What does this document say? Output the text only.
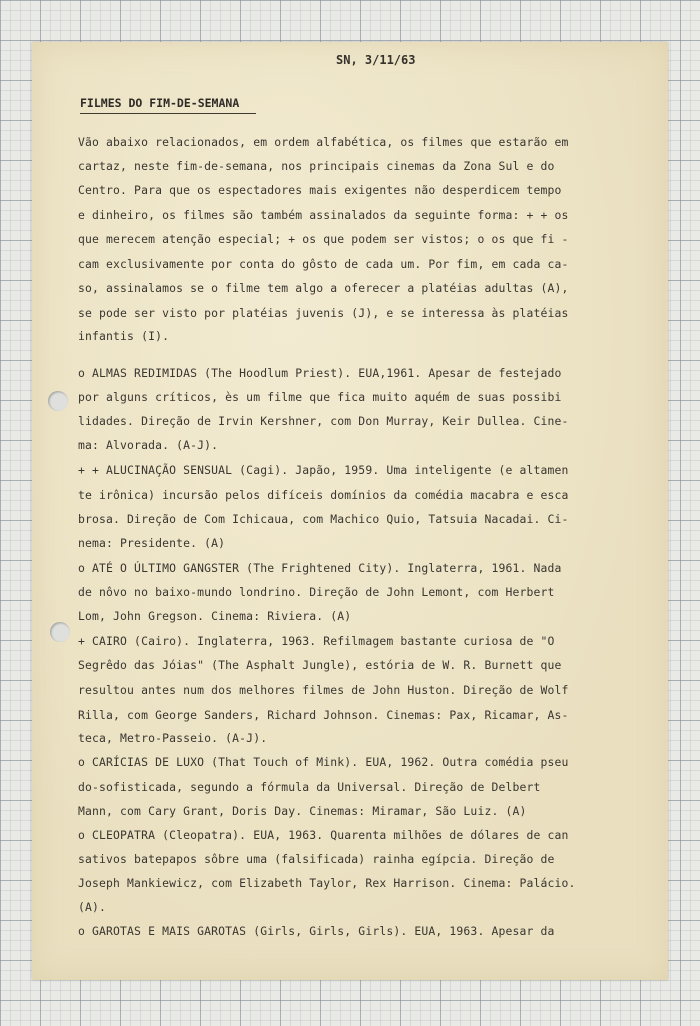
SN, 3/11/63
FILMES DO FIM-DE-SEMANA
Vão abaixo relacionados, em ordem alfabética, os filmes que estarão em
cartaz, neste fim-de-semana, nos principais cinemas da Zona Sul e do
Centro. Para que os espectadores mais exigentes não desperdicem tempo
e dinheiro, os filmes são também assinalados da seguinte forma: + + os
que merecem atenção especial; + os que podem ser vistos; o os que fi -
cam exclusivamente por conta do gôsto de cada um. Por fim, em cada ca-
so, assinalamos se o filme tem algo a oferecer a platéias adultas (A),
se pode ser visto por platéias juvenis (J), e se interessa às platéias
infantis (I).
o ALMAS REDIMIDAS (The Hoodlum Priest). EUA,1961. Apesar de festejado
por alguns críticos, ès um filme que fica muito aquém de suas possibi
lidades. Direção de Irvin Kershner, com Don Murray, Keir Dullea. Cine-
ma: Alvorada. (A-J).
+ + ALUCINAÇÃO SENSUAL (Cagi). Japão, 1959. Uma inteligente (e altamen
te irônica) incursão pelos difíceis domínios da comédia macabra e esca
brosa. Direção de Com Ichicaua, com Machico Quio, Tatsuia Nacadai. Ci-
nema: Presidente. (A)
o ATÉ O ÚLTIMO GANGSTER (The Frightened City). Inglaterra, 1961. Nada
de nôvo no baixo-mundo londrino. Direção de John Lemont, com Herbert
Lom, John Gregson. Cinema: Riviera. (A)
+ CAIRO (Cairo). Inglaterra, 1963. Refilmagem bastante curiosa de "O
Segrêdo das Jóias" (The Asphalt Jungle), estória de W. R. Burnett que
resultou antes num dos melhores filmes de John Huston. Direção de Wolf
Rilla, com George Sanders, Richard Johnson. Cinemas: Pax, Ricamar, As-
teca, Metro-Passeio. (A-J).
o CARÍCIAS DE LUXO (That Touch of Mink). EUA, 1962. Outra comédia pseu
do-sofisticada, segundo a fórmula da Universal. Direção de Delbert
Mann, com Cary Grant, Doris Day. Cinemas: Miramar, São Luiz. (A)
o CLEOPATRA (Cleopatra). EUA, 1963. Quarenta milhões de dólares de can
sativos batepapos sôbre uma (falsificada) rainha egípcia. Direção de
Joseph Mankiewicz, com Elizabeth Taylor, Rex Harrison. Cinema: Palácio.
(A).
o GAROTAS E MAIS GAROTAS (Girls, Girls, Girls). EUA, 1963. Apesar da
